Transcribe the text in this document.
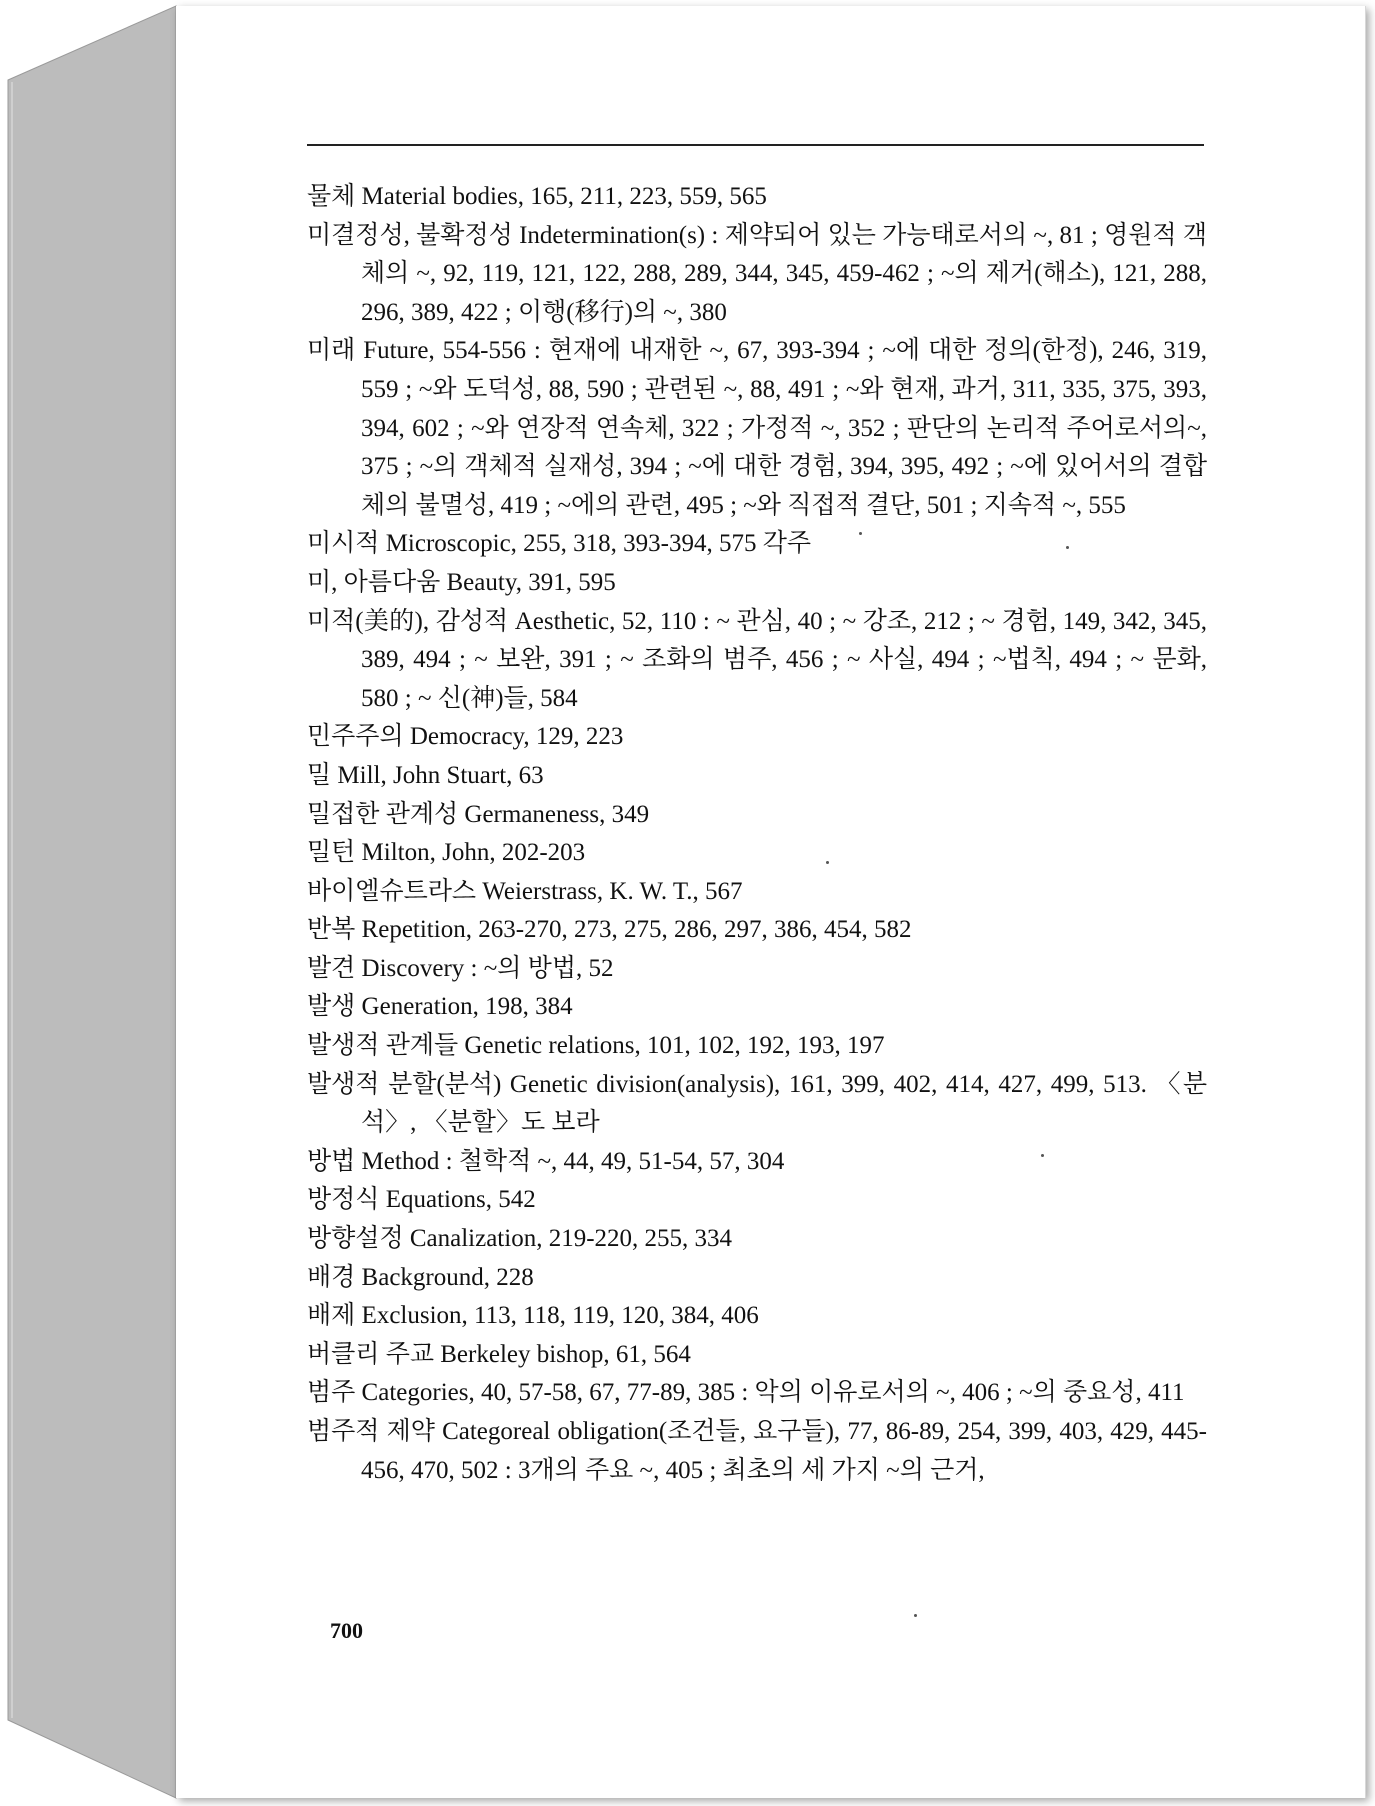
물체 Material bodies, 165, 211, 223, 559, 565
미결정성, 불확정성 Indetermination(s) : 제약되어 있는 가능태로서의 ~, 81 ; 영원적 객체의 ~, 92, 119, 121, 122, 288, 289, 344, 345, 459-462 ; ~의 제거(해소), 121, 288, 296, 389, 422 ; 이행(移行)의 ~, 380
미래 Future, 554-556 : 현재에 내재한 ~, 67, 393-394 ; ~에 대한 정의(한정), 246, 319, 559 ; ~와 도덕성, 88, 590 ; 관련된 ~, 88, 491 ; ~와 현재, 과거, 311, 335, 375, 393, 394, 602 ; ~와 연장적 연속체, 322 ; 가정적 ~, 352 ; 판단의 논리적 주어로서의~, 375 ; ~의 객체적 실재성, 394 ; ~에 대한 경험, 394, 395, 492 ; ~에 있어서의 결합체의 불멸성, 419 ; ~에의 관련, 495 ; ~와 직접적 결단, 501 ; 지속적 ~, 555
미시적 Microscopic, 255, 318, 393-394, 575 각주
미, 아름다움 Beauty, 391, 595
미적(美的), 감성적 Aesthetic, 52, 110 : ~ 관심, 40 ; ~ 강조, 212 ; ~ 경험, 149, 342, 345, 389, 494 ; ~ 보완, 391 ; ~ 조화의 범주, 456 ; ~ 사실, 494 ; ~법칙, 494 ; ~ 문화, 580 ; ~ 신(神)들, 584
민주주의 Democracy, 129, 223
밀 Mill, John Stuart, 63
밀접한 관계성 Germaneness, 349
밀턴 Milton, John, 202-203
바이엘슈트라스 Weierstrass, K. W. T., 567
반복 Repetition, 263-270, 273, 275, 286, 297, 386, 454, 582
발견 Discovery : ~의 방법, 52
발생 Generation, 198, 384
발생적 관계들 Genetic relations, 101, 102, 192, 193, 197
발생적 분할(분석) Genetic division(analysis), 161, 399, 402, 414, 427, 499, 513. 〈분석〉, 〈분할〉도 보라
방법 Method : 철학적 ~, 44, 49, 51-54, 57, 304
방정식 Equations, 542
방향설정 Canalization, 219-220, 255, 334
배경 Background, 228
배제 Exclusion, 113, 118, 119, 120, 384, 406
버클리 주교 Berkeley bishop, 61, 564
범주 Categories, 40, 57-58, 67, 77-89, 385 : 악의 이유로서의 ~, 406 ; ~의 중요성, 411
범주적 제약 Categoreal obligation(조건들, 요구들), 77, 86-89, 254, 399, 403, 429, 445-456, 470, 502 : 3개의 주요 ~, 405 ; 최초의 세 가지 ~의 근거,
700
